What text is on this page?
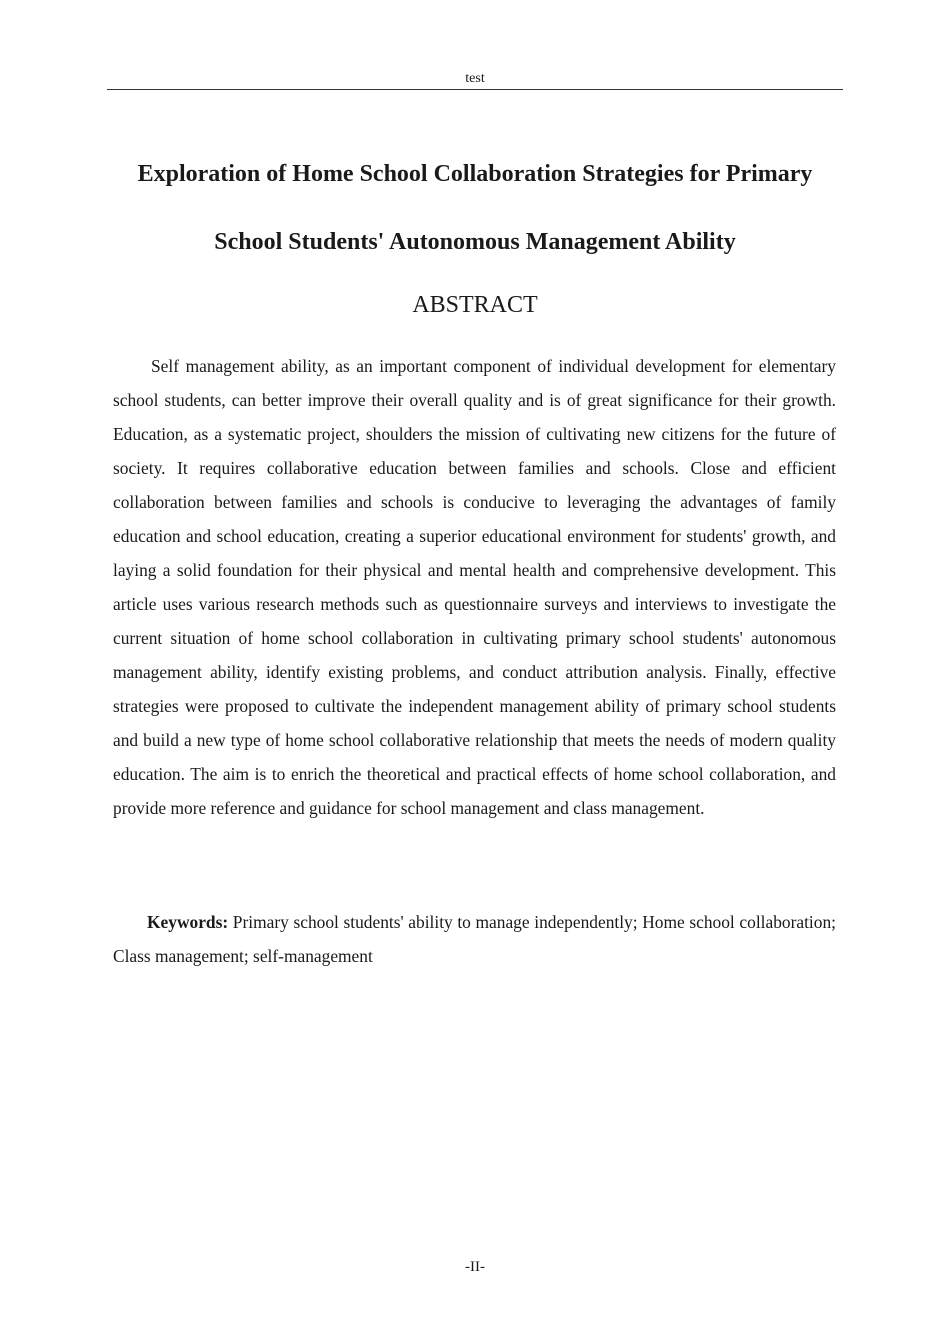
test
Exploration of Home School Collaboration Strategies for Primary
School Students' Autonomous Management Ability
ABSTRACT

Self management ability, as an important component of individual development for elementary school students, can better improve their overall quality and is of great significance for their growth. Education, as a systematic project, shoulders the mission of cultivating new citizens for the future of society. It requires collaborative education between families and schools. Close and efficient collaboration between families and schools is conducive to leveraging the advantages of family education and school education, creating a superior educational environment for students' growth, and laying a solid foundation for their physical and mental health and comprehensive development. This article uses various research methods such as questionnaire surveys and interviews to investigate the current situation of home school collaboration in cultivating primary school students' autonomous management ability, identify existing problems, and conduct attribution analysis. Finally, effective strategies were proposed to cultivate the independent management ability of primary school students and build a new type of home school collaborative relationship that meets the needs of modern quality education. The aim is to enrich the theoretical and practical effects of home school collaboration, and provide more reference and guidance for school management and class management.

Keywords: Primary school students' ability to manage independently; Home school collaboration; Class management; self-management

-II-
